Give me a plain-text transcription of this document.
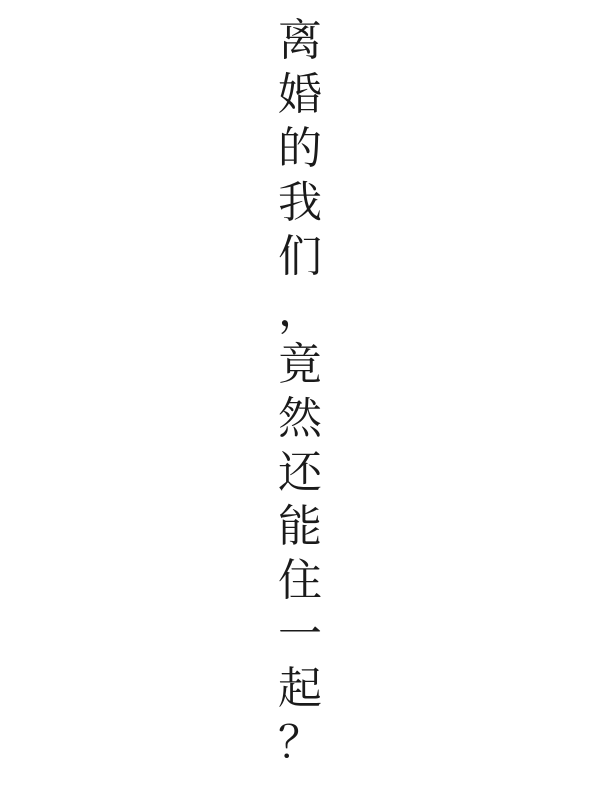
离
婚
的
我
们
，
竟
然
还
能
住
一
起
？
